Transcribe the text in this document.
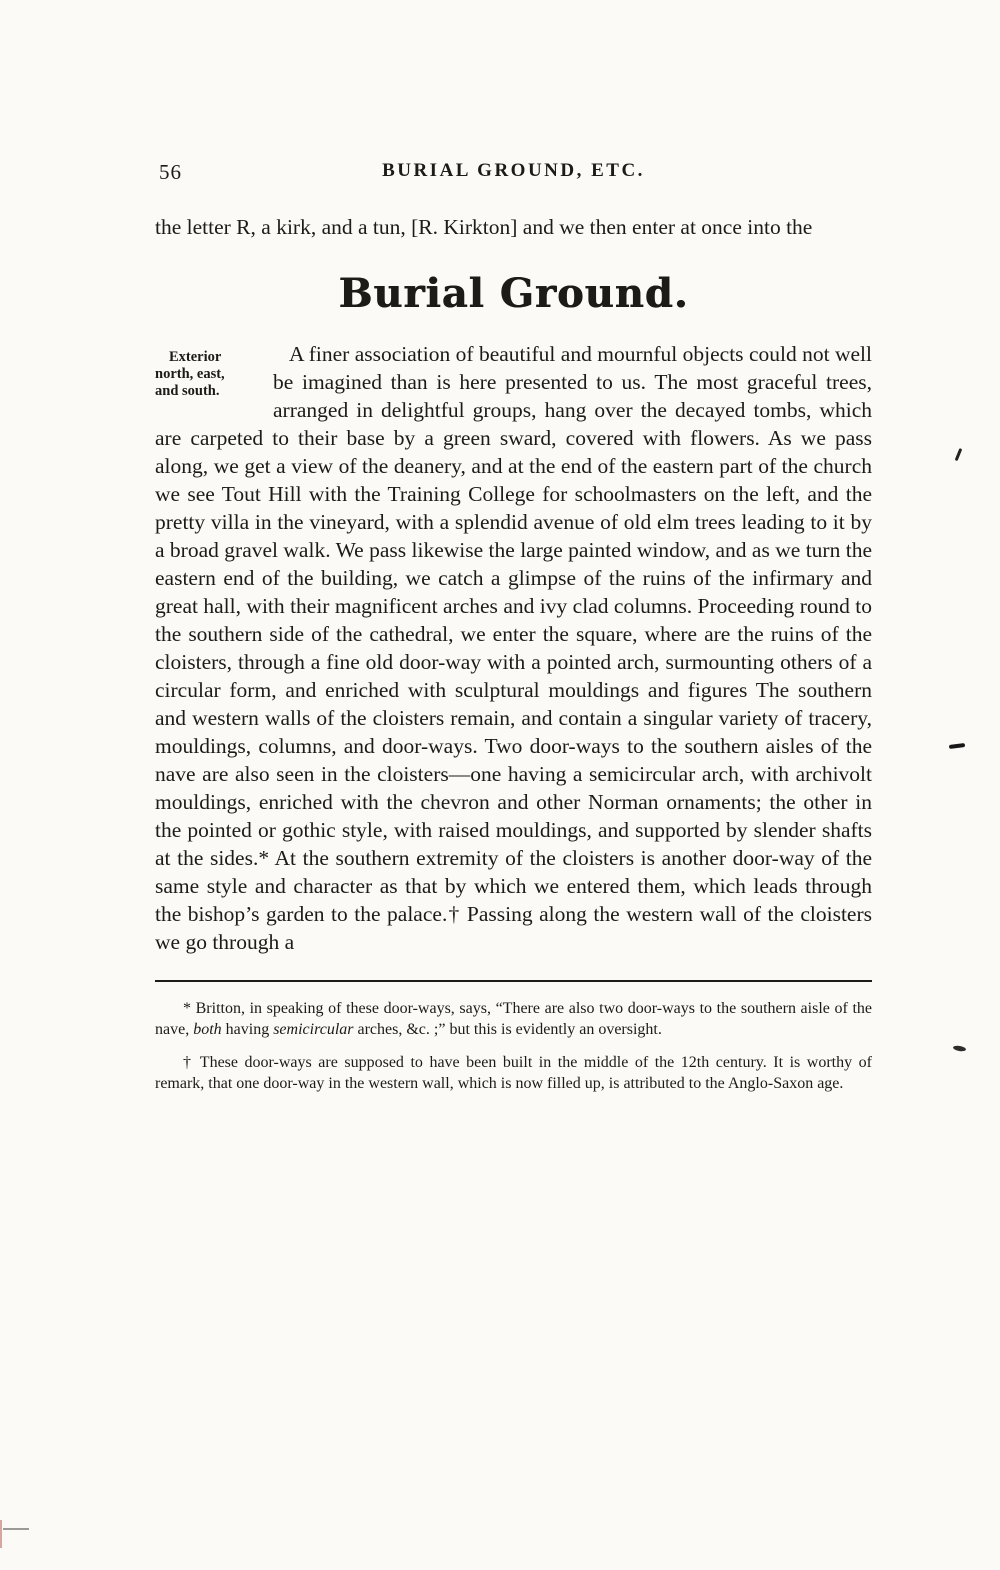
56	BURIAL GROUND, ETC.

the letter R, a kirk, and a tun, [R. Kirkton] and we then enter at once into the

Burial Ground.
Exterior
north, east,
and south.
A finer association of beautiful and mournful objects could not well be imagined than is here presented to us. The most graceful trees, arranged in delightful groups, hang over the decayed tombs, which are carpeted to their base by a green sward, covered with flowers. As we pass along, we get a view of the deanery, and at the end of the eastern part of the church we see Tout Hill with the Training College for schoolmasters on the left, and the pretty villa in the vineyard, with a splendid avenue of old elm trees leading to it by a broad gravel walk. We pass likewise the large painted window, and as we turn the eastern end of the building, we catch a glimpse of the ruins of the infirmary and great hall, with their magnificent arches and ivy clad columns. Proceeding round to the southern side of the cathedral, we enter the square, where are the ruins of the cloisters, through a fine old door-way with a pointed arch, surmounting others of a circular form, and enriched with sculptural mouldings and figures The southern and western walls of the cloisters remain, and contain a singular variety of tracery, mouldings, columns, and door-ways. Two door-ways to the southern aisles of the nave are also seen in the cloisters—one having a semicircular arch, with archivolt mouldings, enriched with the chevron and other Norman ornaments; the other in the pointed or gothic style, with raised mouldings, and supported by slender shafts at the sides.* At the southern extremity of the cloisters is another door-way of the same style and character as that by which we entered them, which leads through the bishop’s garden to the palace.† Passing along the western wall of the cloisters we go through a

* Britton, in speaking of these door-ways, says, “There are also two door-ways to the southern aisle of the nave, both having semicircular arches, &c. ;” but this is evidently an oversight.

† These door-ways are supposed to have been built in the middle of the 12th century. It is worthy of remark, that one door-way in the western wall, which is now filled up, is attributed to the Anglo-Saxon age.
